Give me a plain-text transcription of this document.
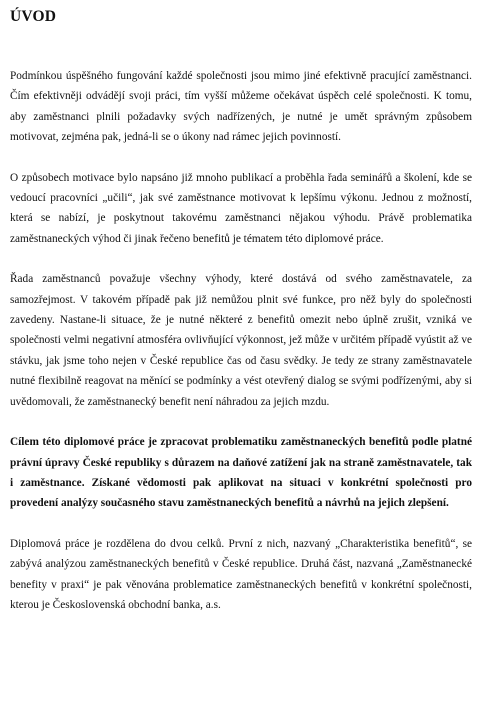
ÚVOD

Podmínkou úspěšného fungování každé společnosti jsou mimo jiné efektivně pracující zaměstnanci. Čím efektivněji odvádějí svoji práci, tím vyšší můžeme očekávat úspěch celé společnosti. K tomu, aby zaměstnanci plnili požadavky svých nadřízených, je nutné je umět správným způsobem motivovat, zejména pak, jedná-li se o úkony nad rámec jejich povinností.

O způsobech motivace bylo napsáno již mnoho publikací a proběhla řada seminářů a školení, kde se vedoucí pracovníci „učili“, jak své zaměstnance motivovat k lepšímu výkonu. Jednou z možností, která se nabízí, je poskytnout takovému zaměstnanci nějakou výhodu. Právě problematika zaměstnaneckých výhod či jinak řečeno benefitů je tématem této diplomové práce.

Řada zaměstnanců považuje všechny výhody, které dostává od svého zaměstnavatele, za samozřejmost. V takovém případě pak již nemůžou plnit své funkce, pro něž byly do společnosti zavedeny. Nastane-li situace, že je nutné některé z benefitů omezit nebo úplně zrušit, vzniká ve společnosti velmi negativní atmosféra ovlivňující výkonnost, jež může v určitém případě vyústit až ve stávku, jak jsme toho nejen v České republice čas od času svědky. Je tedy ze strany zaměstnavatele nutné flexibilně reagovat na měnící se podmínky a vést otevřený dialog se svými podřízenými, aby si uvědomovali, že zaměstnanecký benefit není náhradou za jejich mzdu.

Cílem této diplomové práce je zpracovat problematiku zaměstnaneckých benefitů podle platné právní úpravy České republiky s důrazem na daňové zatížení jak na straně zaměstnavatele, tak i zaměstnance. Získané vědomosti pak aplikovat na situaci v konkrétní společnosti pro provedení analýzy současného stavu zaměstnaneckých benefitů a návrhů na jejich zlepšení.

Diplomová práce je rozdělena do dvou celků. První z nich, nazvaný „Charakteristika benefitů“, se zabývá analýzou zaměstnaneckých benefitů v České republice. Druhá část, nazvaná „Zaměstnanecké benefity v praxi“ je pak věnována problematice zaměstnaneckých benefitů v konkrétní společnosti, kterou je Československá obchodní banka, a.s.
